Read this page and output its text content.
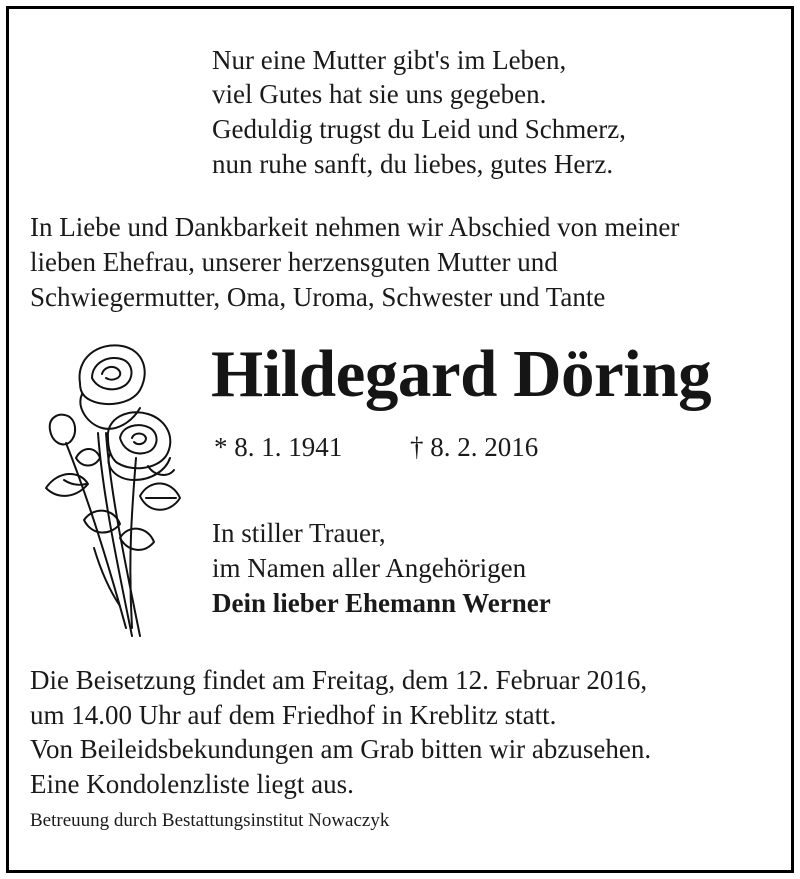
Nur eine Mutter gibt's im Leben,
viel Gutes hat sie uns gegeben.
Geduldig trugst du Leid und Schmerz,
nun ruhe sanft, du liebes, gutes Herz.
In Liebe und Dankbarkeit nehmen wir Abschied von meiner
lieben Ehefrau, unserer herzensguten Mutter und
Schwiegermutter, Oma, Uroma, Schwester und Tante
Hildegard Döring
* 8. 1. 1941	† 8. 2. 2016
In stiller Trauer,
im Namen aller Angehörigen
Dein lieber Ehemann Werner
Die Beisetzung findet am Freitag, dem 12. Februar 2016,
um 14.00 Uhr auf dem Friedhof in Kreblitz statt.
Von Beileidsbekundungen am Grab bitten wir abzusehen.
Eine Kondolenzliste liegt aus.
Betreuung durch Bestattungsinstitut Nowaczyk
